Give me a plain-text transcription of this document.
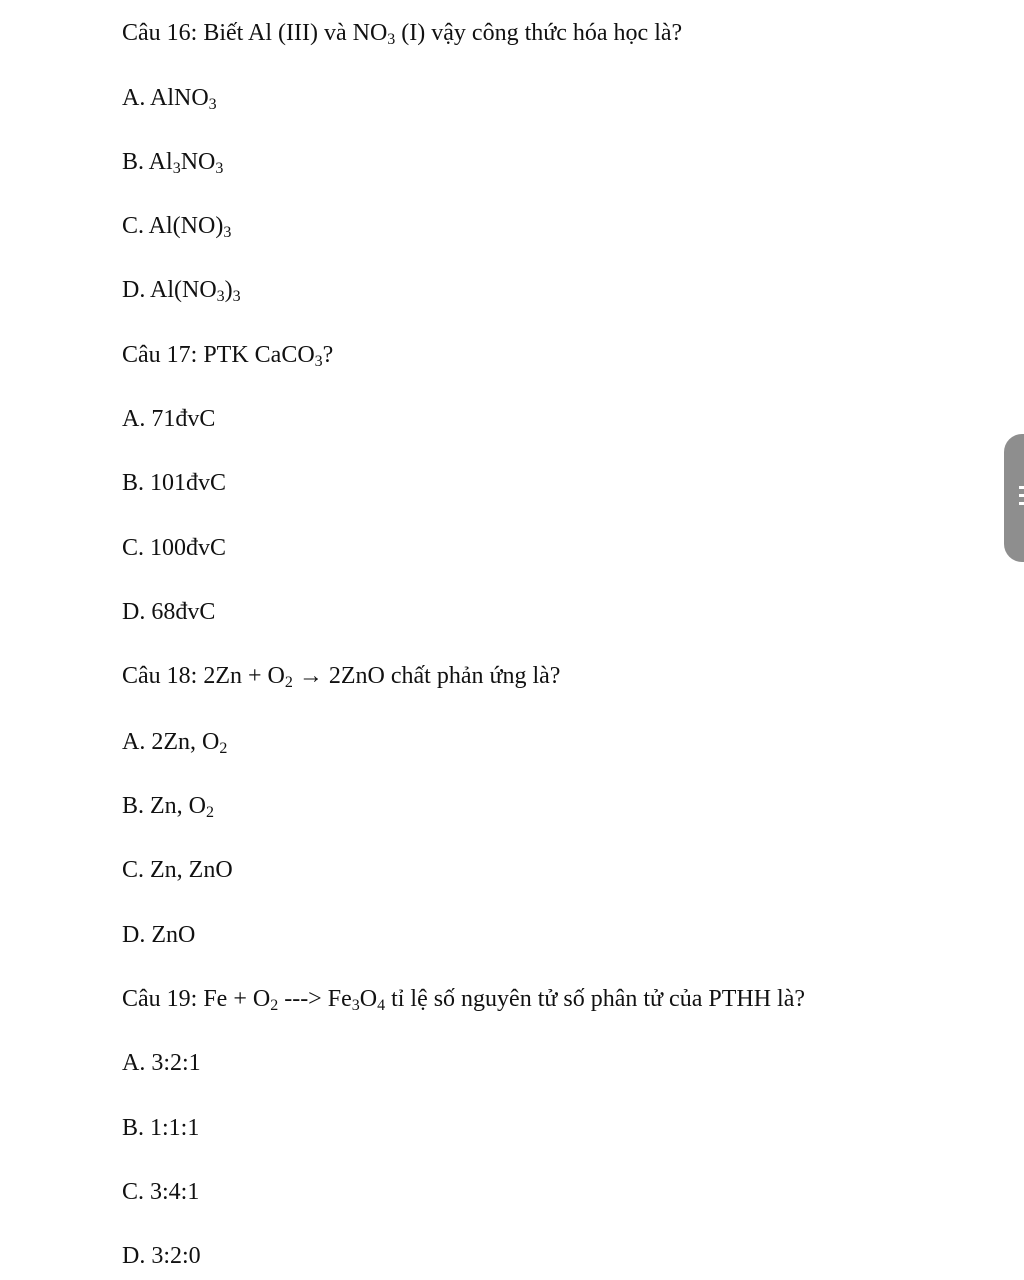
Câu 16: Biết Al (III) và $NO_3$ (I) vậy công thức hóa học là?
A. AlNO$_3$
B. $Al_3NO_3$
C. $Al(NO)_3$
D. $Al(NO_3)_3$
Câu 17: PTK CaCO$_3$?
A. 71đvC
B. 101đvC
C. 100đvC
D. 68đvC
Câu 18: $2Zn + O_2 \to 2ZnO$ chất phản ứng là?
A. 2Zn, $O_2$
B. Zn, $O_2$
C. Zn, ZnO
D. ZnO
Câu 19: $Fe + O_2$ ---> $Fe_3O_4$ tỉ lệ số nguyên tử số phân tử của PTHH là?
A. 3:2:1
B. 1:1:1
C. 3:4:1
D. 3:2:0
